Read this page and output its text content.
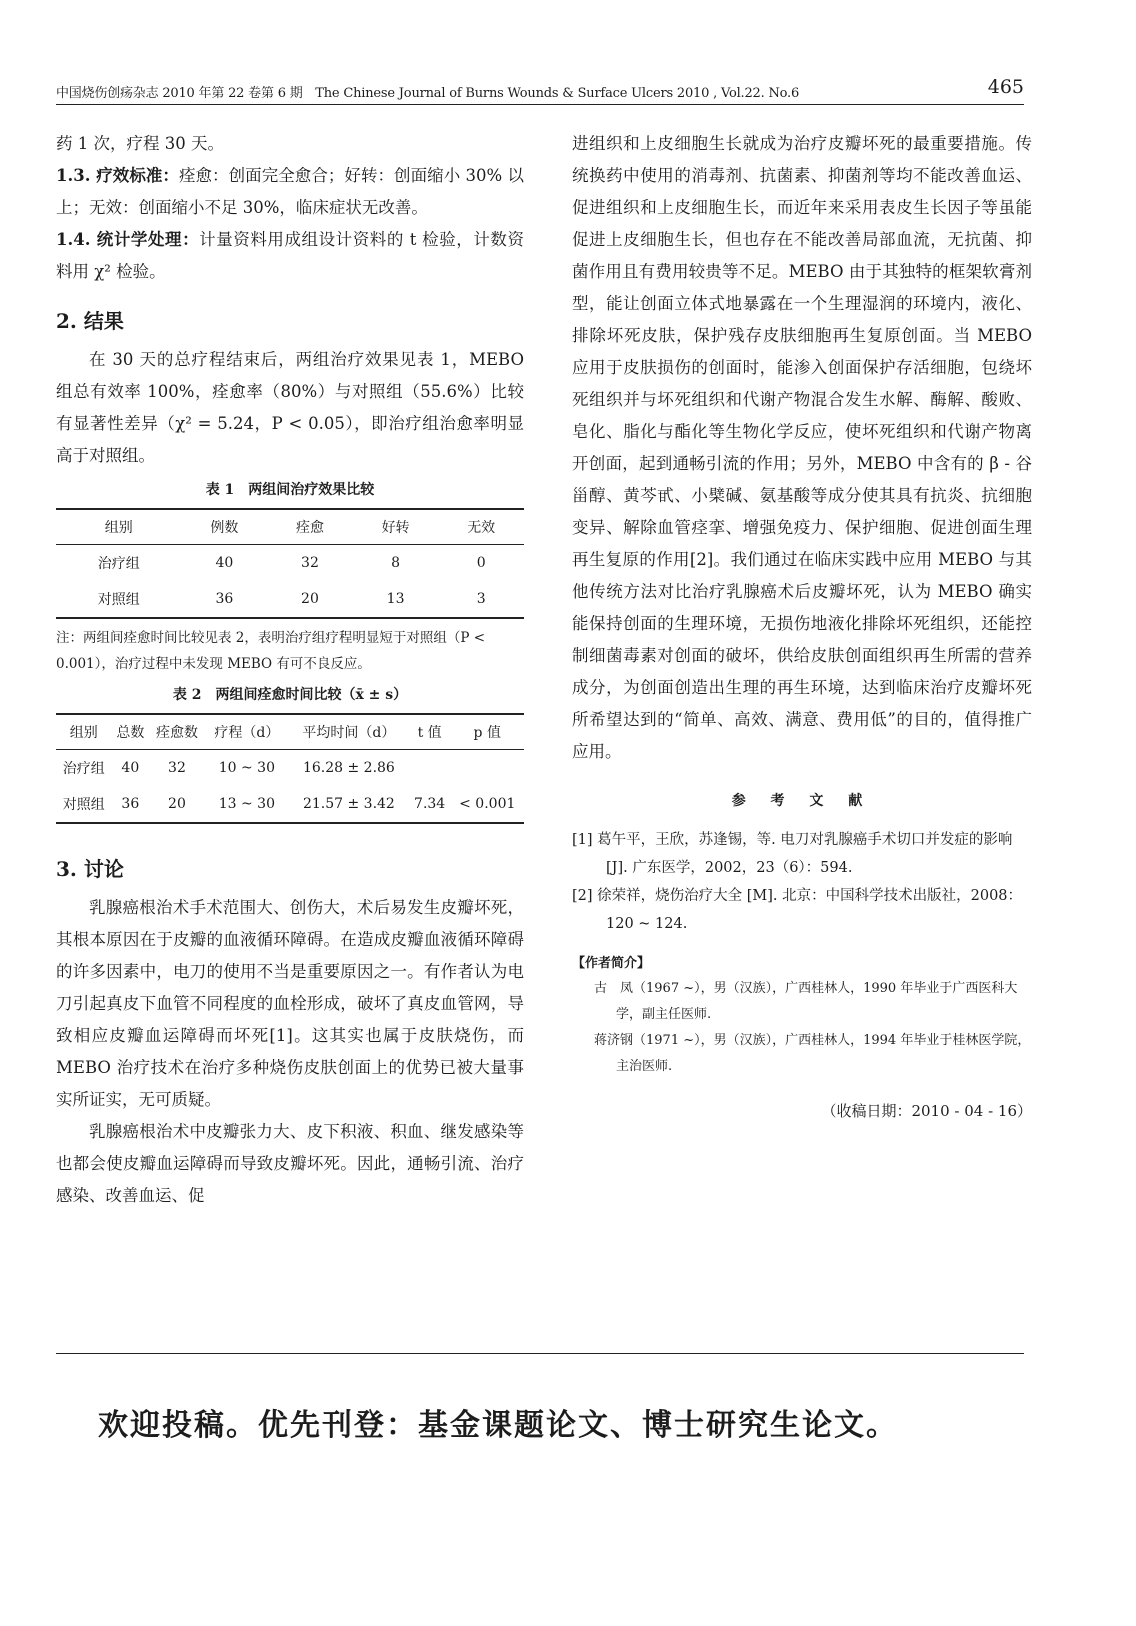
中国烧伤创疡杂志 2010 年第 22 卷第 6 期　The Chinese Journal of Burns Wounds & Surface Ulcers 2010 , Vol.22. No.6	465

药 1 次，疗程 30 天。

1.3. 疗效标准：痊愈：创面完全愈合；好转：创面缩小 30% 以上；无效：创面缩小不足 30%，临床症状无改善。

1.4. 统计学处理：计量资料用成组设计资料的 t 检验，计数资料用 χ² 检验。

2. 结果

在 30 天的总疗程结束后，两组治疗效果见表 1，MEBO 组总有效率 100%，痊愈率（80%）与对照组（55.6%）比较有显著性差异（χ² = 5.24，P < 0.05），即治疗组治愈率明显高于对照组。

表 1　两组间治疗效果比较
组别	例数	痊愈	好转	无效
治疗组	40	32	8	0
对照组	36	20	13	3

注：两组间痊愈时间比较见表 2，表明治疗组疗程明显短于对照组（P < 0.001），治疗过程中未发现 MEBO 有可不良反应。

表 2　两组间痊愈时间比较（x̄ ± s）
组别	总数	痊愈数	疗程（d）	平均时间（d）	t 值	p 值
治疗组	40	32	10 ~ 30	16.28 ± 2.86		
对照组	36	20	13 ~ 30	21.57 ± 3.42	7.34	< 0.001
3. 讨论

乳腺癌根治术手术范围大、创伤大，术后易发生皮瓣坏死，其根本原因在于皮瓣的血液循环障碍。在造成皮瓣血液循环障碍的许多因素中，电刀的使用不当是重要原因之一。有作者认为电刀引起真皮下血管不同程度的血栓形成，破坏了真皮血管网，导致相应皮瓣血运障碍而坏死[1]。这其实也属于皮肤烧伤，而 MEBO 治疗技术在治疗多种烧伤皮肤创面上的优势已被大量事实所证实，无可质疑。

乳腺癌根治术中皮瓣张力大、皮下积液、积血、继发感染等也都会使皮瓣血运障碍而导致皮瓣坏死。因此，通畅引流、治疗感染、改善血运、促

进组织和上皮细胞生长就成为治疗皮瓣坏死的最重要措施。传统换药中使用的消毒剂、抗菌素、抑菌剂等均不能改善血运、促进组织和上皮细胞生长，而近年来采用表皮生长因子等虽能促进上皮细胞生长，但也存在不能改善局部血流，无抗菌、抑菌作用且有费用较贵等不足。MEBO 由于其独特的框架软膏剂型，能让创面立体式地暴露在一个生理湿润的环境内，液化、排除坏死皮肤，保护残存皮肤细胞再生复原创面。当 MEBO 应用于皮肤损伤的创面时，能渗入创面保护存活细胞，包绕坏死组织并与坏死组织和代谢产物混合发生水解、酶解、酸败、皂化、脂化与酯化等生物化学反应，使坏死组织和代谢产物离开创面，起到通畅引流的作用；另外，MEBO 中含有的 β - 谷甾醇、黄芩甙、小檗碱、氨基酸等成分使其具有抗炎、抗细胞变异、解除血管痉挛、增强免疫力、保护细胞、促进创面生理再生复原的作用[2]。我们通过在临床实践中应用 MEBO 与其他传统方法对比治疗乳腺癌术后皮瓣坏死，认为 MEBO 确实能保持创面的生理环境，无损伤地液化排除坏死组织，还能控制细菌毒素对创面的破坏，供给皮肤创面组织再生所需的营养成分，为创面创造出生理的再生环境，达到临床治疗皮瓣坏死所希望达到的“简单、高效、满意、费用低”的目的，值得推广应用。

参 考 文 献

[1] 葛午平，王欣，苏逢锡，等. 电刀对乳腺癌手术切口并发症的影响 [J]. 广东医学，2002，23（6）：594.

[2] 徐荣祥，烧伤治疗大全 [M]. 北京：中国科学技术出版社，2008：120 ~ 124.

【作者简介】

古　凤（1967 ~），男（汉族），广西桂林人，1990 年毕业于广西医科大学，副主任医师.

蒋济钢（1971 ~），男（汉族），广西桂林人，1994 年毕业于桂林医学院，主治医师.

（收稿日期：2010 - 04 - 16）

欢迎投稿。优先刊登：基金课题论文、博士研究生论文。
